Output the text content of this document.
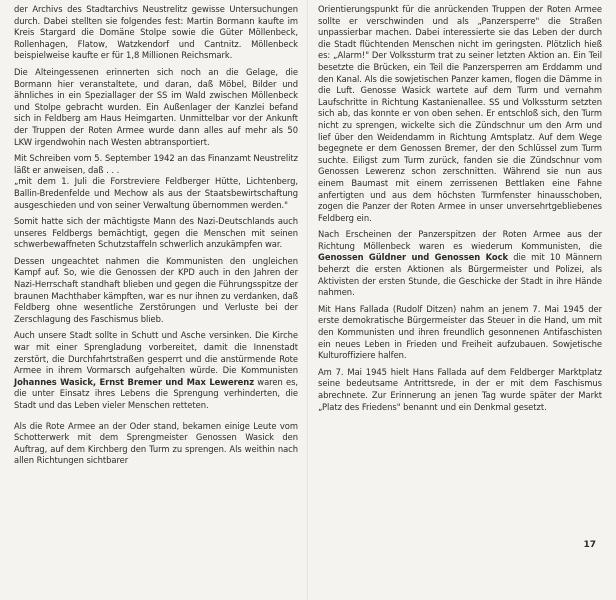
der Archivs des Stadtarchivs Neustrelitz gewisse Untersuchungen durch. Dabei stellten sie folgendes fest: Martin Bormann kaufte im Kreis Stargard die Domäne Stolpe sowie die Güter Möllenbeck, Rollenhagen, Flatow, Watzkendorf und Cantnitz. Möllenbeck beispielweise kaufte er für 1,8 Millionen Reichsmark.

Die Alteingessenen erinnerten sich noch an die Gelage, die Bormann hier veranstaltete, und daran, daß Möbel, Bilder und ähnliches in ein Speziallager der SS im Wald zwischen Möllenbeck und Stolpe gebracht wurden. Ein Außenlager der Kanzlei befand sich in Feldberg am Haus Heimgarten. Unmittelbar vor der Ankunft der Truppen der Roten Armee wurde dann alles auf mehr als 50 LKW irgendwohin nach Westen abtransportiert.

Mit Schreiben vom 5. September 1942 an das Finanzamt Neustrelitz läßt er anweisen, daß . . .

„mit dem 1. Juli die Forstreviere Feldberger Hütte, Lichtenberg, Ballin-Bredenfelde und Mechow als aus der Staatsbewirtschaftung ausgeschieden und von seiner Verwaltung übernommen werden."

Somit hatte sich der mächtigste Mann des Nazi-Deutschlands auch unseres Feldbergs bemächtigt, gegen die Menschen mit seinen schwerbewaffneten Schutzstaffeln schwerlich anzukämpfen war.

Dessen ungeachtet nahmen die Kommunisten den ungleichen Kampf auf. So, wie die Genossen der KPD auch in den Jahren der Nazi-Herrschaft standhaft blieben und gegen die Führungsspitze der braunen Machthaber kämpften, war es nur ihnen zu verdanken, daß Feldberg ohne wesentliche Zerstörungen und Verluste bei der Zerschlagung des Faschismus blieb.

Auch unsere Stadt sollte in Schutt und Asche versinken. Die Kirche war mit einer Sprengladung vorbereitet, damit die Innenstadt zerstört, die Durchfahrtstraßen gesperrt und die anstürmende Rote Armee in ihrem Vormarsch aufgehalten würde. Die Kommunisten Johannes Wasick, Ernst Bremer und Max Lewerenz waren es, die unter Einsatz ihres Lebens die Sprengung verhinderten, die Stadt und das Leben vieler Menschen retteten.

Als die Rote Armee an der Oder stand, bekamen einige Leute vom Schotterwerk mit dem Sprengmeister Genossen Wasick den Auftrag, auf dem Kirchberg den Turm zu sprengen. Als weithin nach allen Richtungen sichtbarer

Orientierungspunkt für die anrückenden Truppen der Roten Armee sollte er verschwinden und als „Panzersperre" die Straßen unpassierbar machen. Dabei interessierte sie das Leben der durch die Stadt flüchtenden Menschen nicht im geringsten. Plötzlich hieß es: „Alarm!" Der Volkssturm trat zu seiner letzten Aktion an. Ein Teil besetzte die Brücken, ein Teil die Panzersperren am Erddamm und den Kanal. Als die sowjetischen Panzer kamen, flogen die Dämme in die Luft. Genosse Wasick wartete auf dem Turm und vernahm Laufschritte in Richtung Kastanienallee. SS und Volkssturm setzten sich ab, das konnte er von oben sehen. Er entschloß sich, den Turm nicht zu sprengen, wickelte sich die Zündschnur um den Arm und lief über den Weidendamm in Richtung Amtsplatz. Auf dem Wege begegnete er dem Genossen Bremer, der den Schlüssel zum Turm suchte. Eiligst zum Turm zurück, fanden sie die Zündschnur vom Genossen Lewerenz schon zerschnitten. Während sie nun aus einem Baumast mit einem zerrissenen Bettlaken eine Fahne anfertigten und aus dem höchsten Turmfenster hinausschoben, zogen die Panzer der Roten Armee in unser unversehrtgebliebenes Feldberg ein.

Nach Erscheinen der Panzerspitzen der Roten Armee aus der Richtung Möllenbeck waren es wiederum Kommunisten, die Genossen Güldner und Genossen Kock die mit 10 Männern beherzt die ersten Aktionen als Bürgermeister und Polizei, als Aktivisten der ersten Stunde, die Geschicke der Stadt in ihre Hände nahmen.

Mit Hans Fallada (Rudolf Ditzen) nahm an jenem 7. Mai 1945 der erste demokratische Bürgermeister das Steuer in die Hand, um mit den Kommunisten und ihren freundlich gesonnenen Antifaschisten ein neues Leben in Frieden und Freiheit aufzubauen. Sowjetische Kulturoffiziere halfen.

Am 7. Mai 1945 hielt Hans Fallada auf dem Feldberger Marktplatz seine bedeutsame Antrittsrede, in der er mit dem Faschismus abrechnete. Zur Erinnerung an jenen Tag wurde später der Markt „Platz des Friedens" benannt und ein Denkmal gesetzt.

17
